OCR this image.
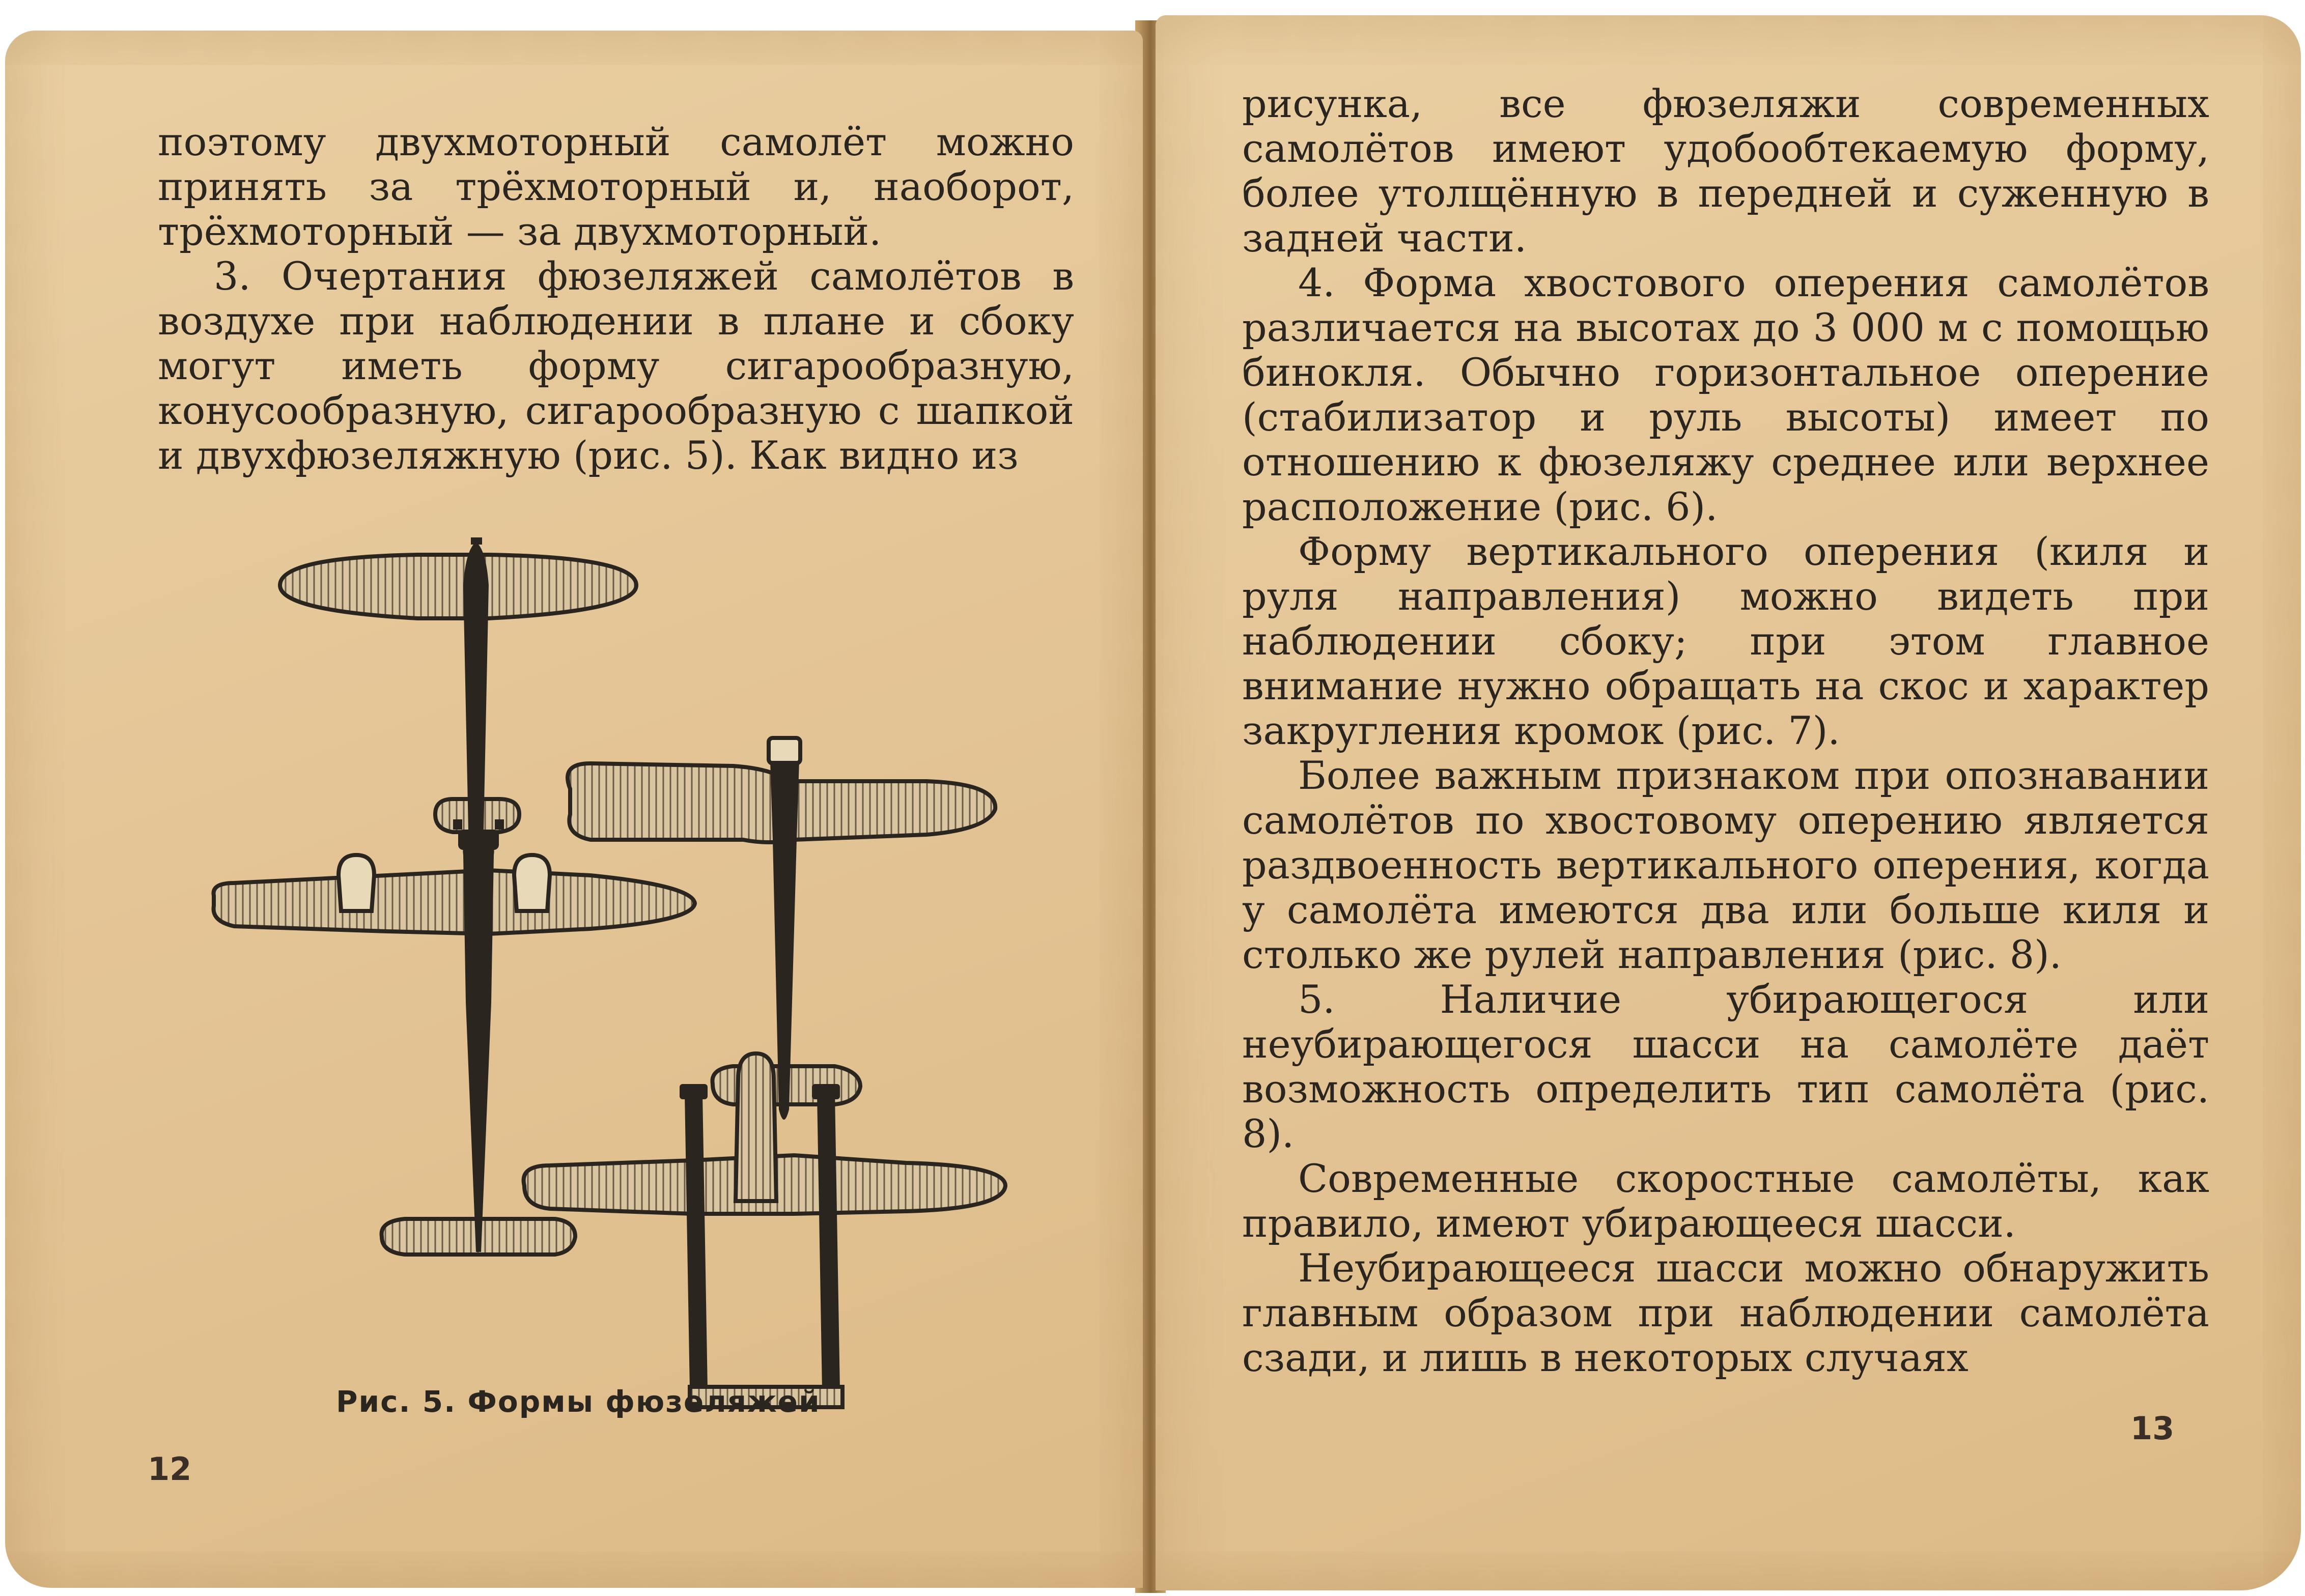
поэтому двухмоторный самолёт можно принять за трёхмоторный и, наоборот, трёхмоторный — за двухмоторный.

3. Очертания фюзеляжей самолётов в воздухе при наблюдении в плане и сбоку могут иметь форму сигарообразную, конусообразную, сигарообразную с шапкой и двухфюзеляжную (рис. 5). Как видно из

Рис. 5. Формы фюзеляжей
12

рисунка, все фюзеляжи современных самолётов имеют удобообтекаемую форму, более утолщённую в передней и суженную в задней части.

4. Форма хвостового оперения самолётов различается на высотах до 3 000 м с помощью бинокля. Обычно горизонтальное оперение (стабилизатор и руль высоты) имеет по отношению к фюзеляжу среднее или верхнее расположение (рис. 6).

Форму вертикального оперения (киля и руля направления) можно видеть при наблюдении сбоку; при этом главное внимание нужно обращать на скос и характер закругления кромок (рис. 7).

Более важным признаком при опознавании самолётов по хвостовому оперению является раздвоенность вертикального оперения, когда у самолёта имеются два или больше киля и столько же рулей направления (рис. 8).

5. Наличие убирающегося или неубирающегося шасси на самолёте даёт возможность определить тип самолёта (рис. 8).

Современные скоростные самолёты, как правило, имеют убирающееся шасси.

Неубирающееся шасси можно обнаружить главным образом при наблюдении самолёта сзади, и лишь в некоторых случаях

13
